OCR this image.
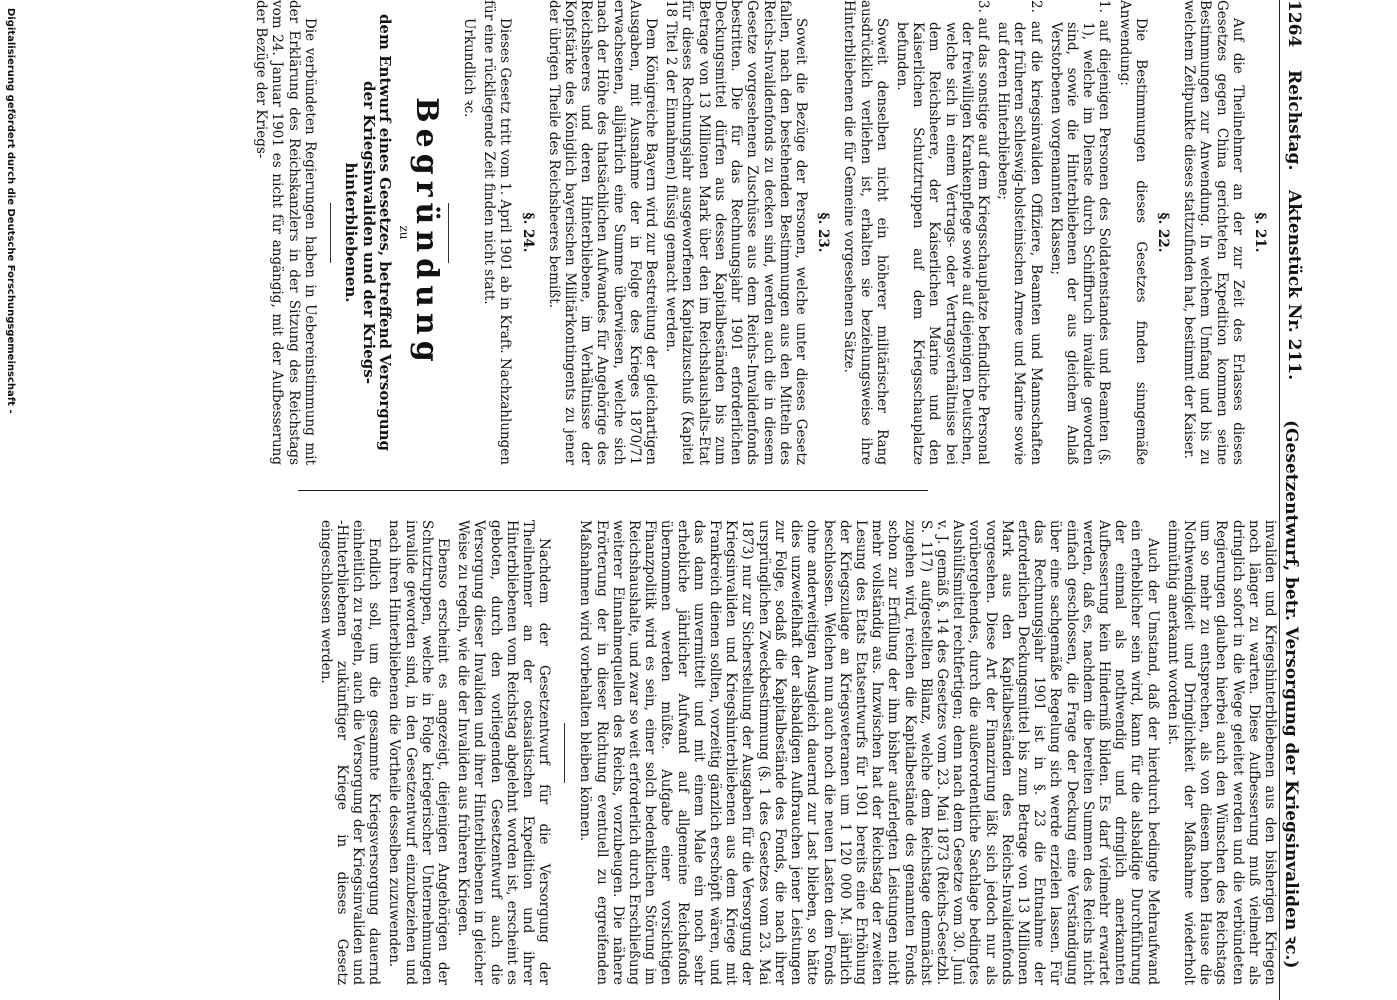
Digitalisierung gefördert durch die Deutsche Forschungsgemeinschaft -	1264
Reichstag.
Aktenstück Nr. 211.
(Gesetzentwurf, betr. Versorgung der Kriegsinvaliden ꝛc.)
§. 21.

Auf die Theilnehmer an der zur Zeit des Erlasses dieses Gesetzes gegen China gerichteten Expedition kommen seine Bestimmungen zur Anwendung. In welchem Umfang und bis zu welchem Zeitpunkte dieses stattzufinden hat, bestimmt der Kaiser.

§. 22.

Die Bestimmungen dieses Gesetzes finden sinngemäße Anwendung:

1. auf diejenigen Personen des Soldatenstandes und Beamten (§. 1), welche im Dienste durch Schiffbruch invalide geworden sind, sowie die Hinterbliebenen der aus gleichem Anlaß Verstorbenen vorgenannten Klassen;

2. auf die kriegsinvaliden Offiziere, Beamten und Mannschaften der früheren schleswig-holsteinischen Armee und Marine sowie auf deren Hinterbliebene;

3. auf das sonstige auf dem Kriegsschauplatze befindliche Personal der freiwilligen Krankenpflege sowie auf diejenigen Deutschen, welche sich in einem Vertrags- oder Vertragsverhältnisse bei dem Reichsheere, der Kaiserlichen Marine und den Kaiserlichen Schutztruppen auf dem Kriegsschauplatze befunden.

Soweit denselben nicht ein höherer militärischer Rang ausdrücklich verliehen ist, erhalten sie beziehungsweise ihre Hinterbliebenen die für Gemeine vorgesehenen Sätze.

§. 23.

Soweit die Bezüge der Personen, welche unter dieses Gesetz fallen, nach den bestehenden Bestimmungen aus den Mitteln des Reichs-Invalidenfonds zu decken sind, werden auch die in diesem Gesetze vorgesehenen Zuschüsse aus dem Reichs-Invalidenfonds bestritten. Die für das Rechnungsjahr 1901 erforderlichen Deckungsmittel dürfen aus dessen Kapitalbeständen bis zum Betrage von 13 Millionen Mark über den im Reichshaushalts-Etat für dieses Rechnungsjahr ausgeworfenen Kapitalzuschuß (Kapitel 18 Titel 2 der Einnahmen) flüssig gemacht werden.

Dem Königreiche Bayern wird zur Bestreitung der gleichartigen Ausgaben, mit Ausnahme der in Folge des Krieges 1870/71 erwachsenen, alljährlich eine Summe überwiesen, welche sich nach der Höhe des thatsächlichen Aufwandes für Angehörige des Reichsheeres und deren Hinterbliebene, im Verhältnisse der Kopfstärke des Königlich bayerischen Militärkontingents zu jener der übrigen Theile des Reichsheeres bemißt.

§. 24.

Dieses Gesetz tritt vom 1. April 1901 ab in Kraft. Nachzahlungen für eine rückliegende Zeit finden nicht statt.

Urkundlich ꝛc.

Begründung
zu
dem Entwurf eines Gesetzes, betreffend Versorgung der Kriegsinvaliden und der Kriegs-
hinterbliebenen.

Die verbündeten Regierungen haben in Uebereinstimmung mit der Erklärung des Reichskanzlers in der Sitzung des Reichstags vom 24. Januar 1901 es nicht für angängig, mit der Aufbesserung der Bezüge der Kriegs-

invaliden und Kriegshinterbliebenen aus den bisherigen Kriegen noch länger zu warten. Diese Aufbesserung muß vielmehr als dringlich sofort in die Wege geleitet werden und die verbündeten Regierungen glauben hierbei auch den Wünschen des Reichstags um so mehr zu entsprechen, als von diesem hohen Hause die Nothwendigkeit und Dringlichkeit der Maßnahme wiederholt einmüthig anerkannt worden ist.

Auch der Umstand, daß der hierdurch bedingte Mehraufwand ein erheblicher sein wird, kann für die alsbaldige Durchführung der einmal als nothwendig und dringlich anerkannten Aufbesserung kein Hinderniß bilden. Es darf vielmehr erwartet werden, daß es, nachdem die bereiten Summen des Reichs nicht einfach geschlossen, die Frage der Deckung eine Verständigung über eine sachgemäße Regelung sich werde erzielen lassen. Für das Rechnungsjahr 1901 ist in §. 23 die Entnahme der erforderlichen Deckungsmittel bis zum Betrage von 13 Millionen Mark aus den Kapitalbeständen des Reichs-Invalidenfonds vorgesehen. Diese Art der Finanzirung läßt sich jedoch nur als vorübergehendes, durch die außerordentliche Sachlage bedingtes Aushülfsmittel rechtfertigen; denn nach dem Gesetze vom 30. Juni v. J. gemäß §. 14 des Gesetzes vom 23. Mai 1873 (Reichs-Gesetzbl. S. 117) aufgestellten Bilanz, welche dem Reichstage demnächst zugehen wird, reichen die Kapitalbestände des genannten Fonds schon zur Erfüllung der ihm bisher auferlegten Leistungen nicht mehr vollständig aus. Inzwischen hat der Reichstag der zweiten Lesung des Etats Etatsentwurfs für 1901 bereits eine Erhöhung der Kriegszulage an Kriegsveteranen um 1 120 000 M. jährlich beschlossen. Welchen nun auch noch die neuen Lasten dem Fonds ohne anderweitigen Ausgleich dauernd zur Last blieben, so hätte dies unzweifelhaft der alsbaldigen Aufbrauchen jener Leistungen zur Folge, sodaß die Kapitalbestände des Fonds, die nach ihrer ursprünglichen Zweckbestimmung (§. 1 des Gesetzes vom 23. Mai 1873) nur zur Sicherstellung der Ausgaben für die Versorgung der Kriegsinvaliden und Kriegshinterbliebenen aus dem Kriege mit Frankreich dienen sollten, vorzeitig gänzlich erschöpft wären, und das dann unvermittelt und mit einem Male ein noch sehr erhebliche jährlicher Aufwand auf allgemeine Reichsfonds übernommen werden müßte. Aufgabe einer vorsichtigen Finanzpolitik wird es sein, einer solch bedenklichen Störung im Reichshaushalte, und zwar so weit erforderlich durch Erschließung weiterer Einnahmequellen des Reichs, vorzubeugen. Die nähere Erörterung der in dieser Richtung eventuell zu ergreifenden Maßnahmen wird vorbehalten bleiben können.

Nachdem der Gesetzentwurf für die Versorgung der Theilnehmer an der ostasiatischen Expedition und ihrer Hinterbliebenen vom Reichstag abgelehnt worden ist, erscheint es geboten, durch den vorliegenden Gesetzentwurf auch die Versorgung dieser Invaliden und ihrer Hinterbliebenen in gleicher Weise zu regeln, wie die der Invaliden aus früheren Kriegen.

Ebenso erscheint es angezeigt, diejenigen Angehörigen der Schutztruppen, welche in Folge kriegerischer Unternehmungen invalide geworden sind, in den Gesetzentwurf einzubeziehen und nach ihren Hinterbliebenen die Vortheile desselben zuzuwenden.

Endlich soll, um die gesammte Kriegsversorgung dauernd einheitlich zu regeln, auch die Versorgung der Kriegsinvaliden und -Hinterbliebenen zukünftiger Kriege in dieses Gesetz eingeschlossen werden.
